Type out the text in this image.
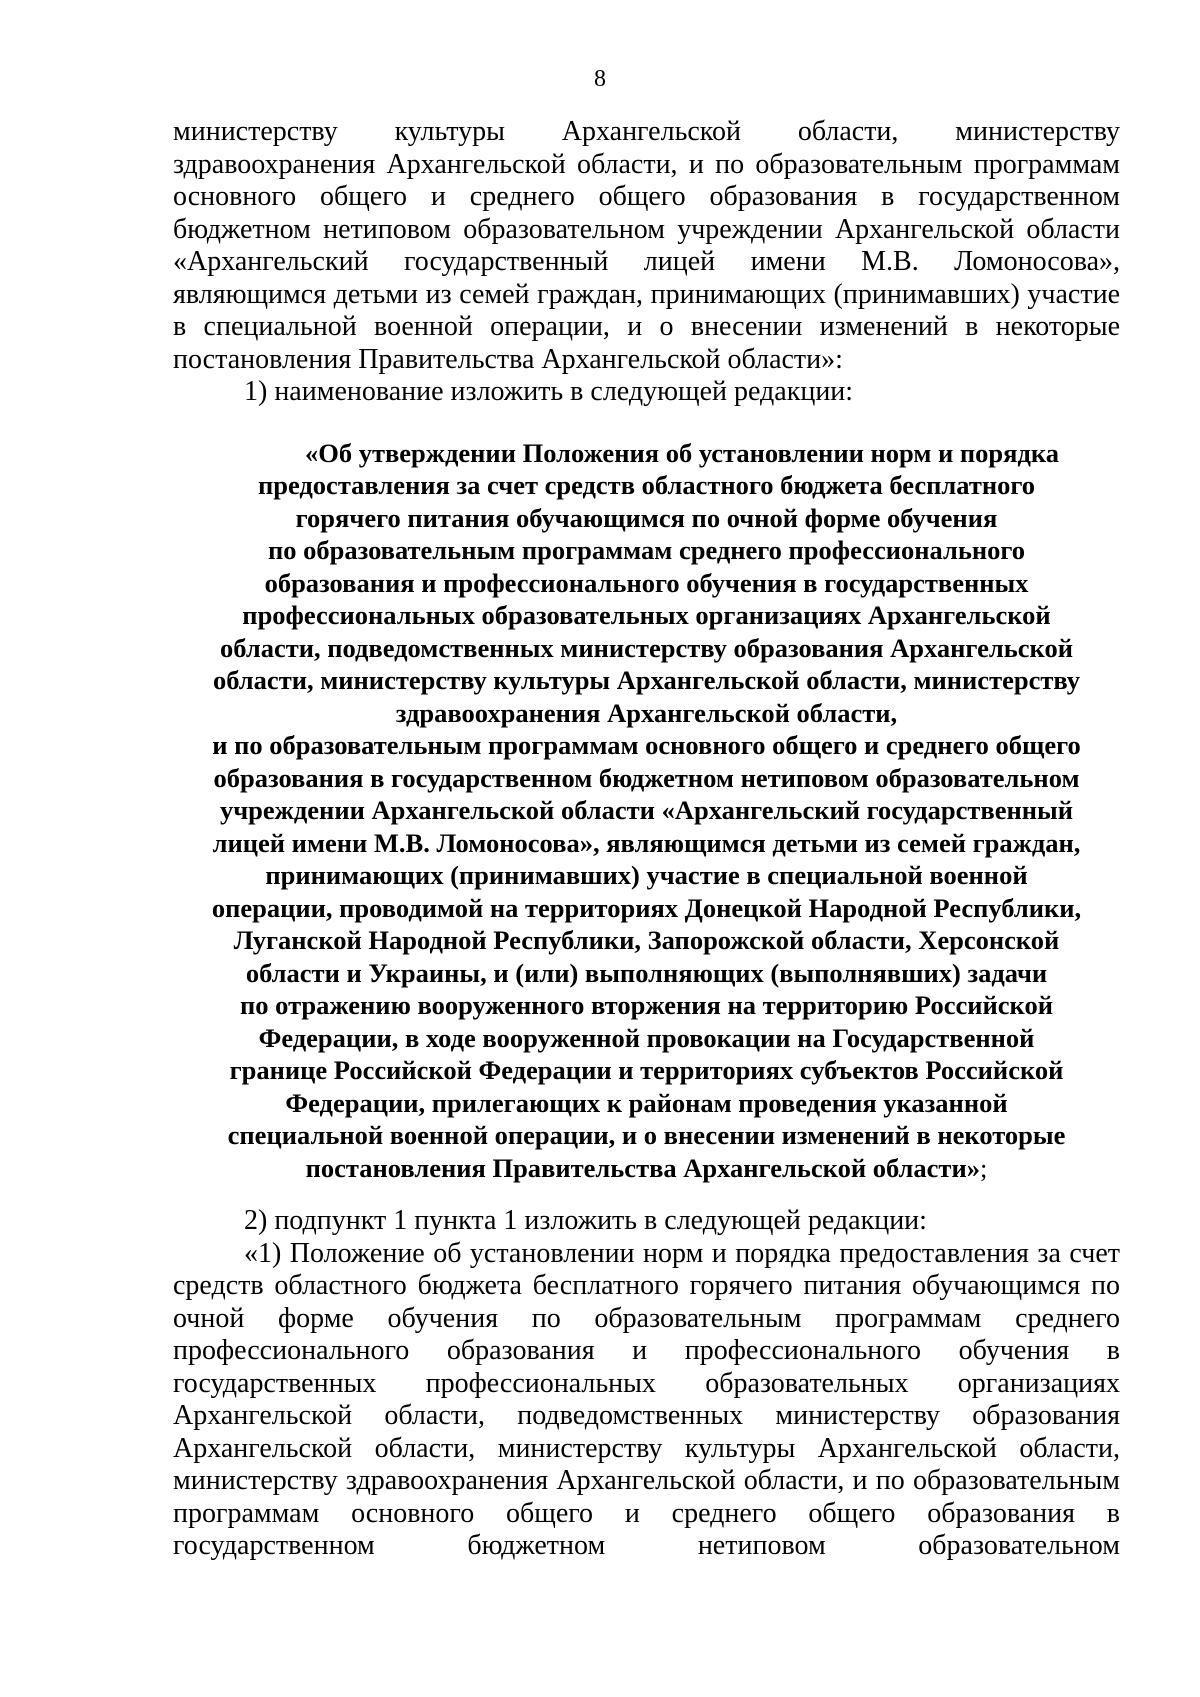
8

министерству культуры Архангельской области, министерству

здравоохранения Архангельской области, и по образовательным программам основного общего и среднего общего образования в государственном бюджетном нетиповом образовательном учреждении Архангельской области «Архангельский государственный лицей имени М.В. Ломоносова», являющимся детьми из семей граждан, принимающих (принимавших) участие в специальной военной операции, и о внесении изменений в некоторые постановления Правительства Архангельской области»:

1) наименование изложить в следующей редакции:

«Об утверждении Положения об установлении норм и порядка
предоставления за счет средств областного бюджета бесплатного
горячего питания обучающимся по очной форме обучения
по образовательным программам среднего профессионального
образования и профессионального обучения в государственных
профессиональных образовательных организациях Архангельской
области, подведомственных министерству образования Архангельской
области, министерству культуры Архангельской области, министерству
здравоохранения Архангельской области,
и по образовательным программам основного общего и среднего общего
образования в государственном бюджетном нетиповом образовательном
учреждении Архангельской области «Архангельский государственный
лицей имени М.В. Ломоносова», являющимся детьми из семей граждан,
принимающих (принимавших) участие в специальной военной
операции, проводимой на территориях Донецкой Народной Республики,
Луганской Народной Республики, Запорожской области, Херсонской
области и Украины, и (или) выполняющих (выполнявших) задачи
по отражению вооруженного вторжения на территорию Российской
Федерации, в ходе вооруженной провокации на Государственной
границе Российской Федерации и территориях субъектов Российской
Федерации, прилегающих к районам проведения указанной
специальной военной операции, и о внесении изменений в некоторые
постановления Правительства Архангельской области»;

2) подпункт 1 пункта 1 изложить в следующей редакции:

«1) Положение об установлении норм и порядка предоставления за счет средств областного бюджета бесплатного горячего питания обучающимся по очной форме обучения по образовательным программам среднего профессионального образования и профессионального обучения в государственных профессиональных образовательных организациях Архангельской области, подведомственных министерству образования Архангельской области, министерству культуры Архангельской области, министерству здравоохранения Архангельской области, и по образовательным программам основного общего и среднего общего образования в государственном бюджетном нетиповом образовательном
